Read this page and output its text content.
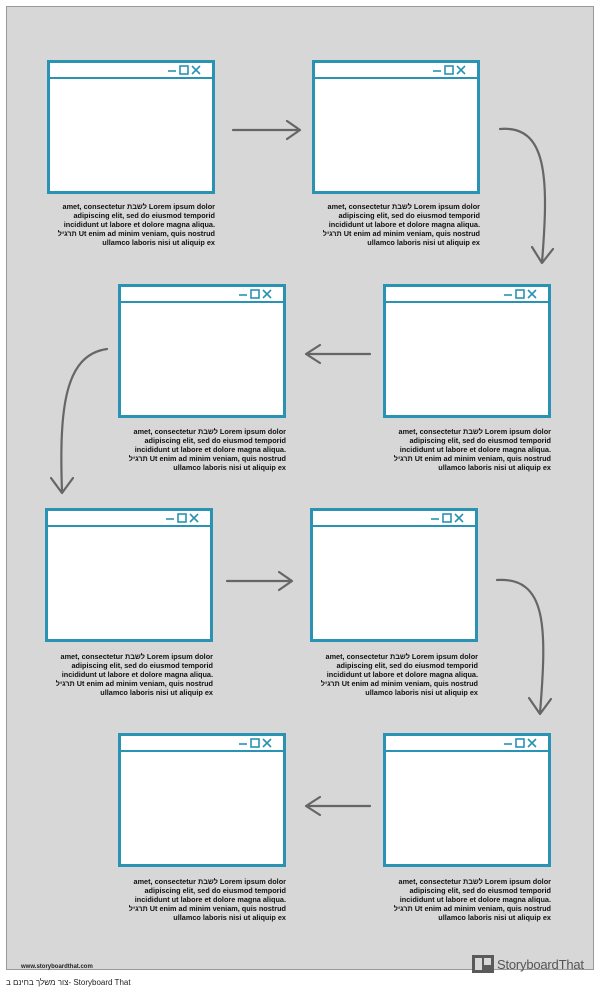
amet, consectetur לשבת Lorem ipsum dolor
adipiscing elit, sed do eiusmod temporid
incididunt ut labore et dolore magna aliqua.
תרגיל Ut enim ad minim veniam, quis nostrud
ullamco laboris nisi ut aliquip ex
amet, consectetur לשבת Lorem ipsum dolor
adipiscing elit, sed do eiusmod temporid
incididunt ut labore et dolore magna aliqua.
תרגיל Ut enim ad minim veniam, quis nostrud
ullamco laboris nisi ut aliquip ex
amet, consectetur לשבת Lorem ipsum dolor
adipiscing elit, sed do eiusmod temporid
incididunt ut labore et dolore magna aliqua.
תרגיל Ut enim ad minim veniam, quis nostrud
ullamco laboris nisi ut aliquip ex
amet, consectetur לשבת Lorem ipsum dolor
adipiscing elit, sed do eiusmod temporid
incididunt ut labore et dolore magna aliqua.
תרגיל Ut enim ad minim veniam, quis nostrud
ullamco laboris nisi ut aliquip ex
amet, consectetur לשבת Lorem ipsum dolor
adipiscing elit, sed do eiusmod temporid
incididunt ut labore et dolore magna aliqua.
תרגיל Ut enim ad minim veniam, quis nostrud
ullamco laboris nisi ut aliquip ex
amet, consectetur לשבת Lorem ipsum dolor
adipiscing elit, sed do eiusmod temporid
incididunt ut labore et dolore magna aliqua.
תרגיל Ut enim ad minim veniam, quis nostrud
ullamco laboris nisi ut aliquip ex
amet, consectetur לשבת Lorem ipsum dolor
adipiscing elit, sed do eiusmod temporid
incididunt ut labore et dolore magna aliqua.
תרגיל Ut enim ad minim veniam, quis nostrud
ullamco laboris nisi ut aliquip ex
amet, consectetur לשבת Lorem ipsum dolor
adipiscing elit, sed do eiusmod temporid
incididunt ut labore et dolore magna aliqua.
תרגיל Ut enim ad minim veniam, quis nostrud
ullamco laboris nisi ut aliquip ex
www.storyboardthat.com	StoryboardThat
צור משלך בחינם ב- Storyboard That
